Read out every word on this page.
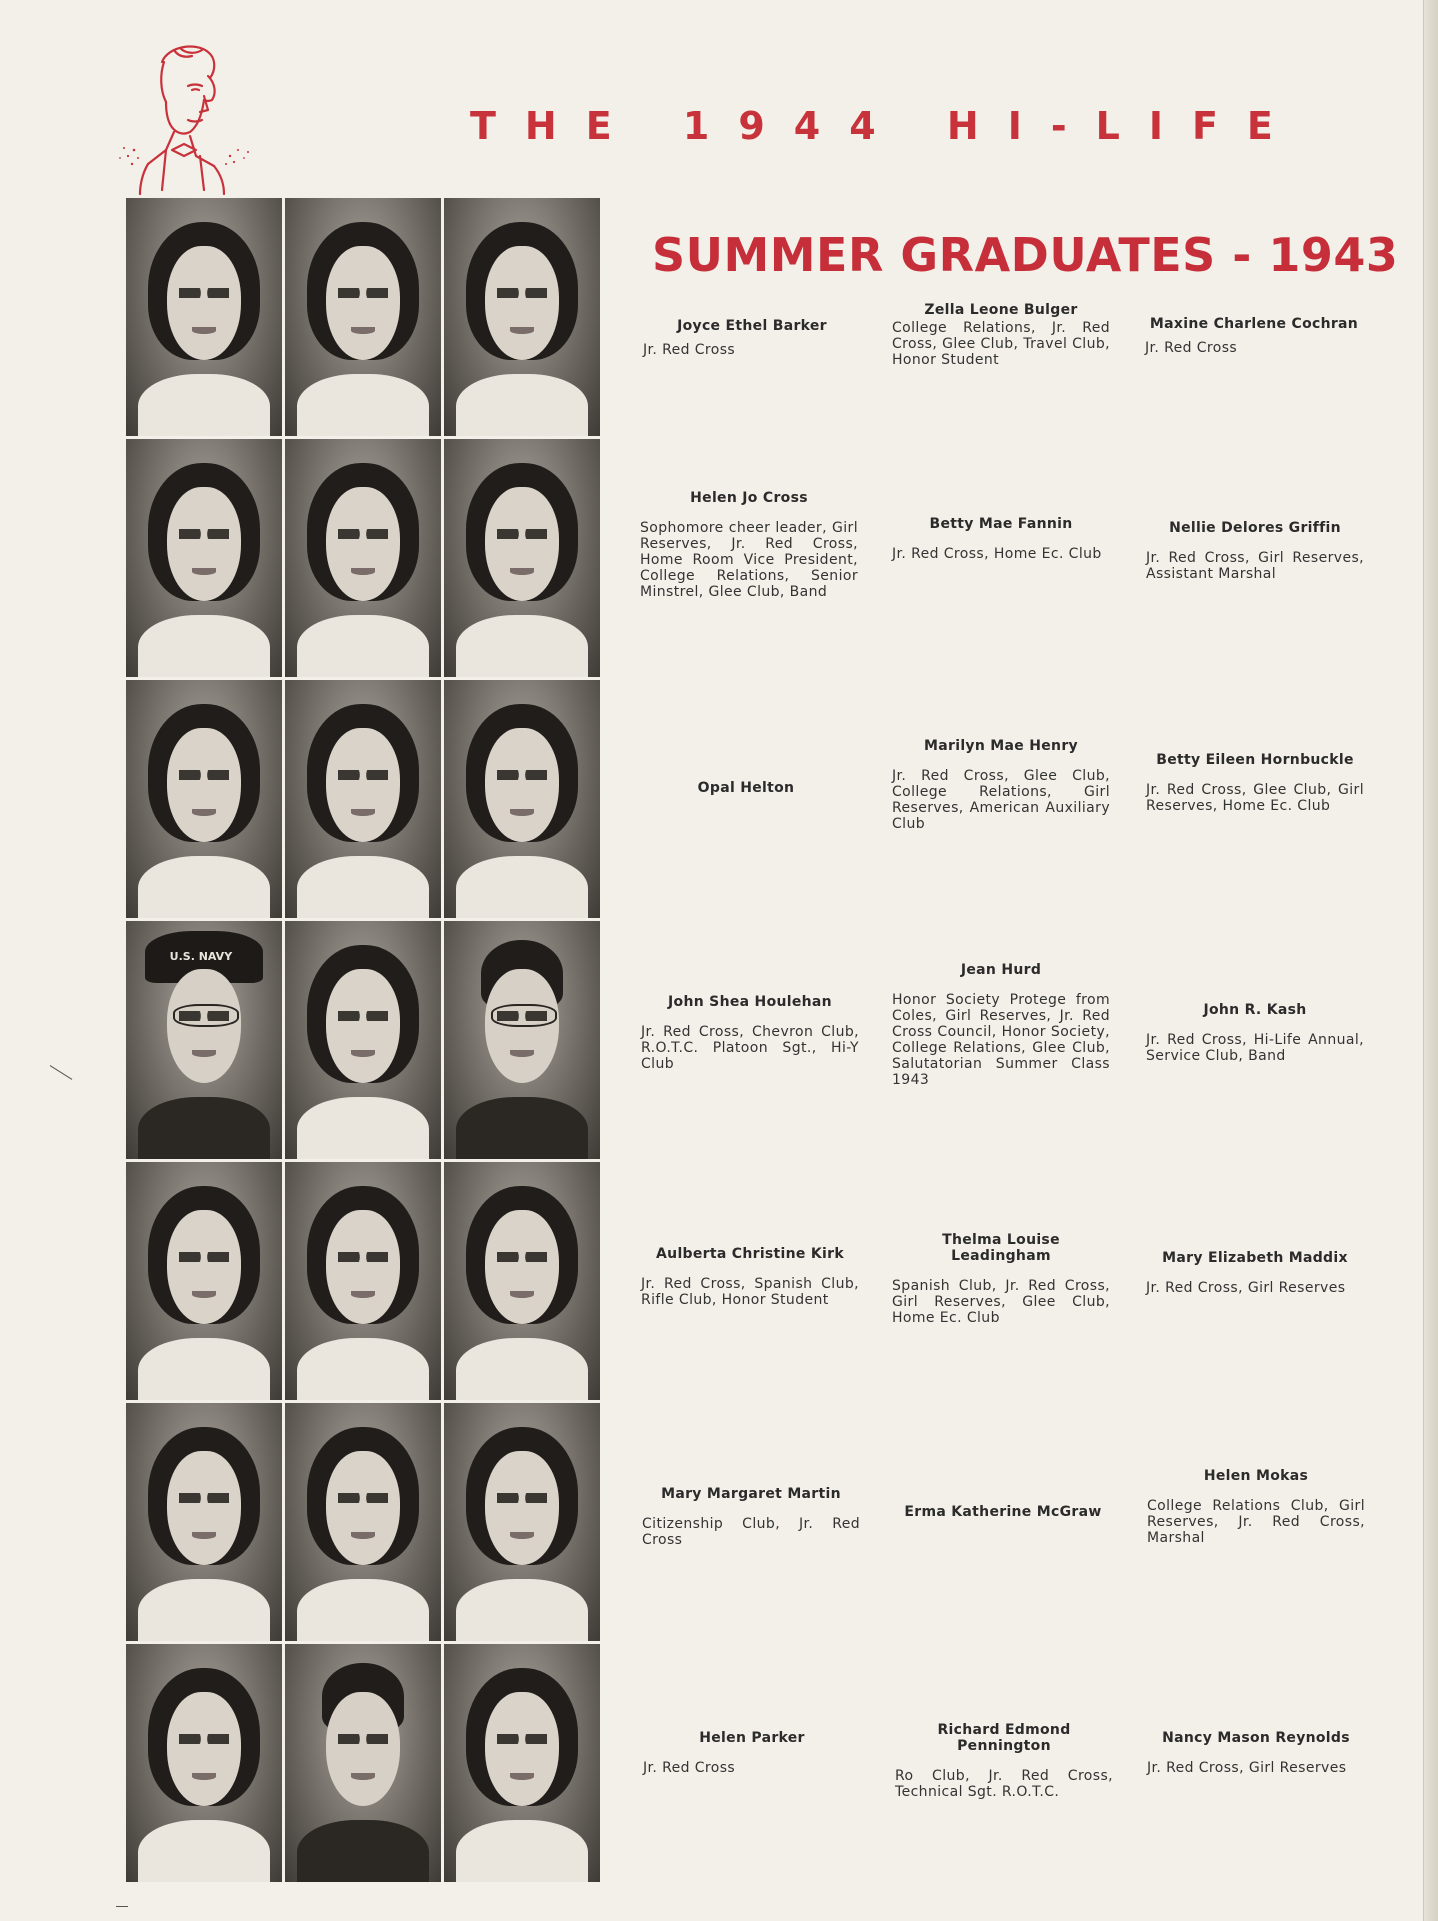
THE 1944 HI-LIFE
SUMMER GRADUATES - 1943
U.S. NAVY
Joyce Ethel Barker
Jr. Red Cross
Zella Leone Bulger
College Relations, Jr. Red Cross, Glee Club, Travel Club, Honor Student
Maxine Charlene Cochran
Jr. Red Cross
Helen Jo Cross
Sophomore cheer leader, Girl Reserves, Jr. Red Cross, Home Room Vice President, College Relations, Senior Minstrel, Glee Club, Band
Betty Mae Fannin
Jr. Red Cross, Home Ec. Club
Nellie Delores Griffin
Jr. Red Cross, Girl Reserves, Assistant Marshal
Opal Helton
Marilyn Mae Henry
Jr. Red Cross, Glee Club, College Relations, Girl Reserves, American Auxiliary Club
Betty Eileen Hornbuckle
Jr. Red Cross, Glee Club, Girl Reserves, Home Ec. Club
John Shea Houlehan
Jr. Red Cross, Chevron Club, R.O.T.C. Platoon Sgt., Hi-Y Club
Jean Hurd
Honor Society Protege from Coles, Girl Reserves, Jr. Red Cross Council, Honor Society, College Relations, Glee Club, Salutatorian Summer Class 1943
John R. Kash
Jr. Red Cross, Hi-Life Annual, Service Club, Band
Aulberta Christine Kirk
Jr. Red Cross, Spanish Club, Rifle Club, Honor Student
Thelma Louise Leadingham
Spanish Club, Jr. Red Cross, Girl Reserves, Glee Club, Home Ec. Club
Mary Elizabeth Maddix
Jr. Red Cross, Girl Reserves
Mary Margaret Martin
Citizenship Club, Jr. Red Cross
Erma Katherine McGraw
Helen Mokas
College Relations Club, Girl Reserves, Jr. Red Cross, Marshal
Helen Parker
Jr. Red Cross
Richard Edmond Pennington
Ro Club, Jr. Red Cross, Technical Sgt. R.O.T.C.
Nancy Mason Reynolds
Jr. Red Cross, Girl Reserves
